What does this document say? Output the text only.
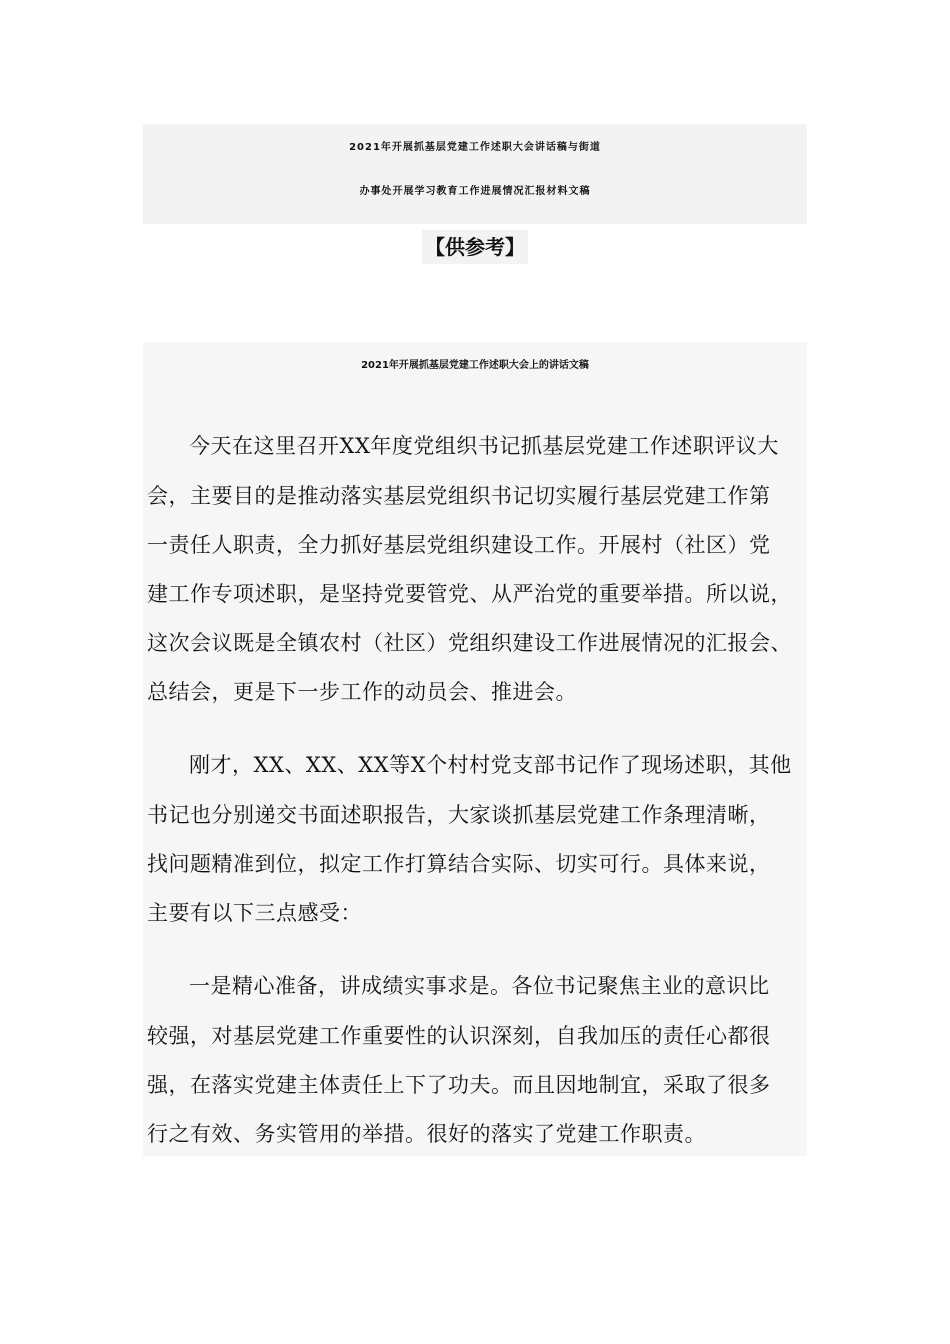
2021年开展抓基层党建工作述职大会讲话稿与街道
办事处开展学习教育工作进展情况汇报材料文稿
【供参考】
2021年开展抓基层党建工作述职大会上的讲话文稿
今天在这里召开XX年度党组织书记抓基层党建工作述职评议大
会，主要目的是推动落实基层党组织书记切实履行基层党建工作第
一责任人职责，全力抓好基层党组织建设工作。开展村（社区）党
建工作专项述职，是坚持党要管党、从严治党的重要举措。所以说，
这次会议既是全镇农村（社区）党组织建设工作进展情况的汇报会、
总结会，更是下一步工作的动员会、推进会。
刚才，XX、XX、XX等X个村村党支部书记作了现场述职，其他
书记也分别递交书面述职报告，大家谈抓基层党建工作条理清晰，
找问题精准到位，拟定工作打算结合实际、切实可行。具体来说，
主要有以下三点感受：
一是精心准备，讲成绩实事求是。各位书记聚焦主业的意识比
较强，对基层党建工作重要性的认识深刻，自我加压的责任心都很
强，在落实党建主体责任上下了功夫。而且因地制宜，采取了很多
行之有效、务实管用的举措。很好的落实了党建工作职责。
